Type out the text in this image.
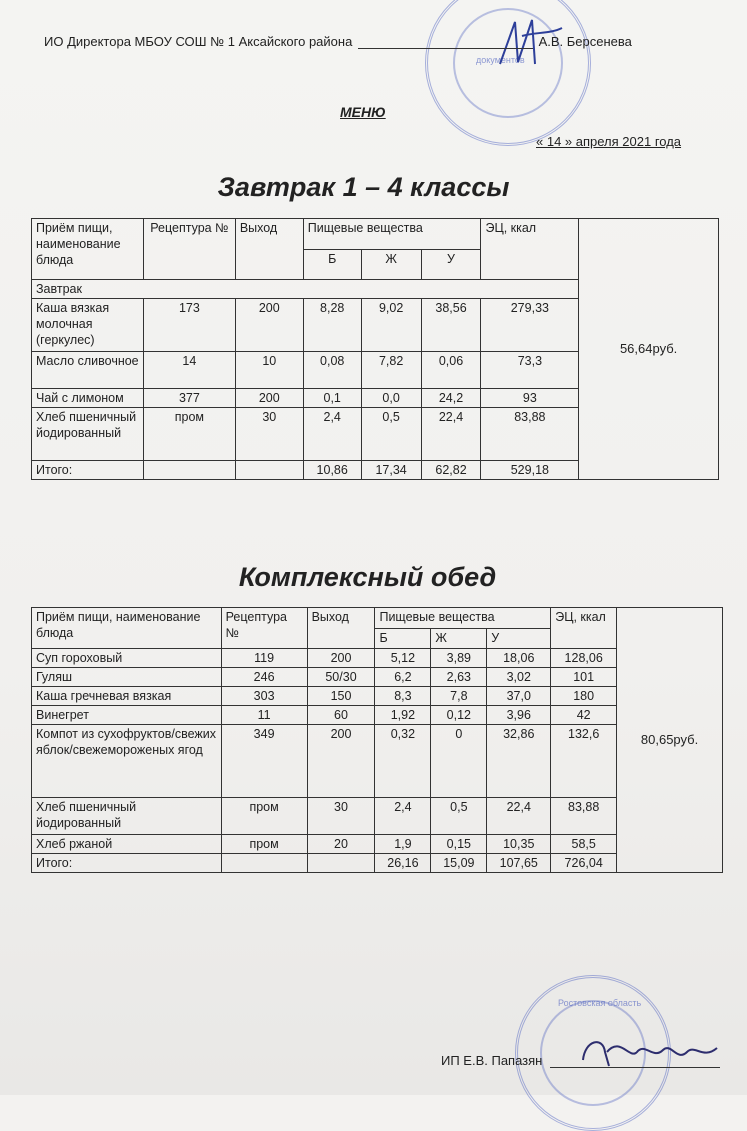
документов
ИО Директора МБОУ СОШ № 1 Аксайского района	А.В. Берсенева
МЕНЮ
« 14 » апреля 2021 года
Завтрак 1 – 4 классы
Приём пищи, наименование блюда	Рецептура №	Выход	Пищевые вещества			ЭЦ, ккал	56,64руб.
			Б	Ж	У		
Завтрак							
Каша вязкая молочная (геркулес)	173	200	8,28	9,02	38,56	279,33	
Масло сливочное	14	10	0,08	7,82	0,06	73,3	
Чай с лимоном	377	200	0,1	0,0	24,2	93	
Хлеб пшеничный йодированный	пром	30	2,4	0,5	22,4	83,88	
Итого:			10,86	17,34	62,82	529,18	
Комплексный обед
Приём пищи, наименование блюда	Рецептура №	Выход	Пищевые вещества			ЭЦ, ккал	80,65руб.
			Б	Ж	У		
Суп гороховый	119	200	5,12	3,89	18,06	128,06	
Гуляш	246	50/30	6,2	2,63	3,02	101	
Каша гречневая вязкая	303	150	8,3	7,8	37,0	180	
Винегрет	11	60	1,92	0,12	3,96	42	
Компот из сухофруктов/свежих яблок/свежемороженых ягод	349	200	0,32	0	32,86	132,6	
Хлеб пшеничный йодированный	пром	30	2,4	0,5	22,4	83,88	
Хлеб ржаной	пром	20	1,9	0,15	10,35	58,5	
Итого:			26,16	15,09	107,65	726,04	
Ростовская область
ИП Е.В. Папазян
